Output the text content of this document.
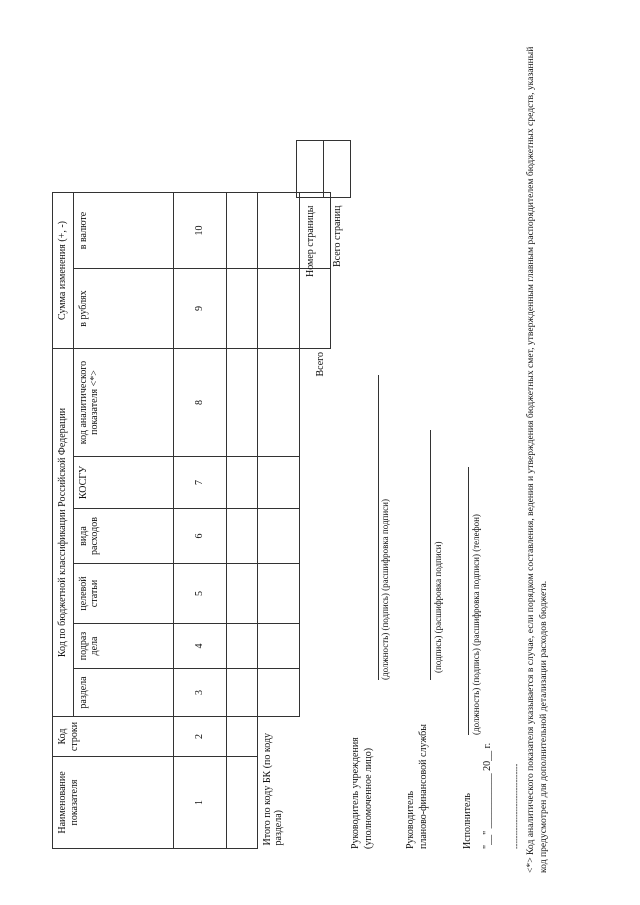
Наименование показателя	Код строки	Код по бюджетной классификации Российской Федерации						Сумма изменения (+, -)	
		раздела	подраз дела	целевой статьи	вида расходов	КОСГУ	код аналитического показателя <*>	в рублях	в валюте
1	2	3	4	5	6	7	8	9	10

Итого по коду БК (по коду раздела)									
							Всего		
Номер страницы	
Всего страниц	
Руководитель учреждения (уполномоченное лицо)
(должность) (подпись) (расшифровка подписи)
Руководитель планово-финансовой службы
(подпись) (расшифровка подписи)
Исполнитель
(должность) (подпись) (расшифровка подписи) (телефон)
"__" ___________ 20__ г. -------------------------------- <*> Код аналитического показателя указывается в случае, если порядком составления, ведения и утверждения бюджетных смет, утвержденным главным распорядителем бюджетных средств, указанный код предусмотрен для дополнительной детализации расходов бюджета.
